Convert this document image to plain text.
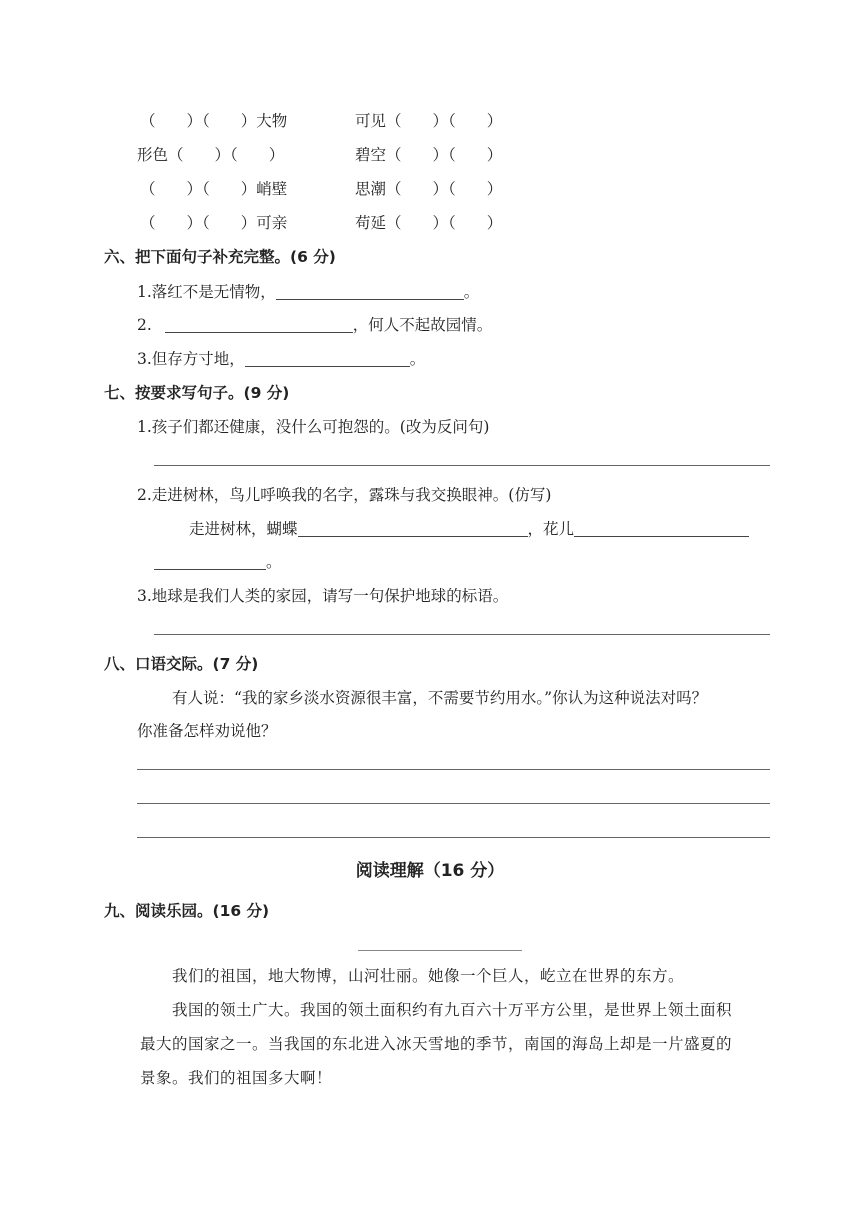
（　　）（　　）大物	可见（　　）（　　）
形色（　　）（　　）	碧空（　　）（　　）
（　　）（　　）峭壁	思潮（　　）（　　）
（　　）（　　）可亲	苟延（　　）（　　）
六、把下面句子补充完整。(6 分)
1.落红不是无情物，	。
2.	，何人不起故园情。
3.但存方寸地，	。
七、按要求写句子。(9 分)
1.孩子们都还健康，没什么可抱怨的。(改为反问句)
2.走进树林，鸟儿呼唤我的名字，露珠与我交换眼神。(仿写)
走进树林，蝴蝶	，花儿
。
3.地球是我们人类的家园，请写一句保护地球的标语。
八、口语交际。(7 分)
有人说：“我的家乡淡水资源很丰富，不需要节约用水。”你认为这种说法对吗？
你准备怎样劝说他？
阅读理解（16 分）
九、阅读乐园。(16 分)
我们的祖国，地大物博，山河壮丽。她像一个巨人，屹立在世界的东方。
我国的领土广大。我国的领土面积约有九百六十万平方公里，是世界上领土面积
最大的国家之一。当我国的东北进入冰天雪地的季节，南国的海岛上却是一片盛夏的
景象。我们的祖国多大啊！
